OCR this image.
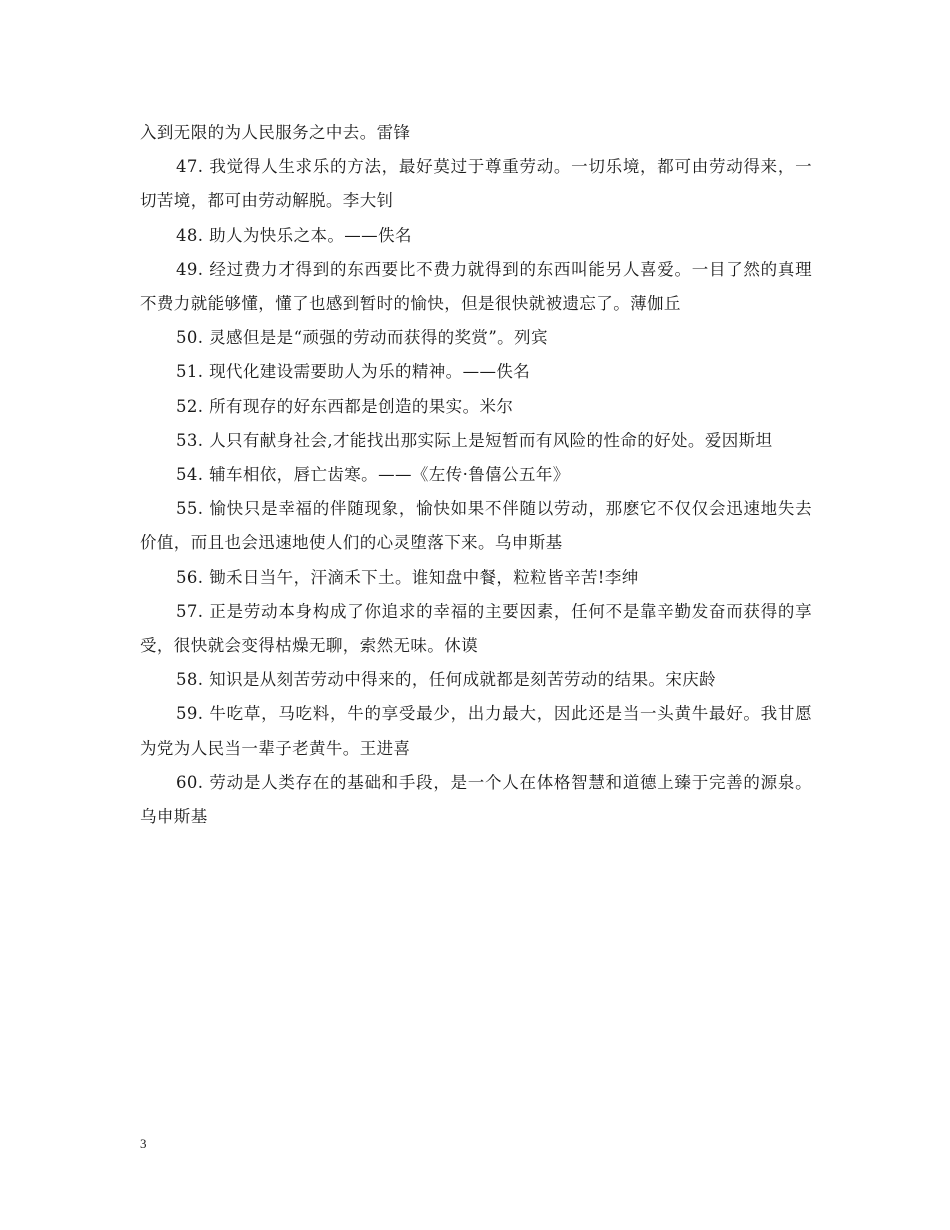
入到无限的为人民服务之中去。雷锋

47. 我觉得人生求乐的方法，最好莫过于尊重劳动。一切乐境，都可由劳动得来，一切苦境，都可由劳动解脱。李大钊

48. 助人为快乐之本。——佚名

49. 经过费力才得到的东西要比不费力就得到的东西叫能另人喜爱。一目了然的真理不费力就能够懂，懂了也感到暂时的愉快，但是很快就被遗忘了。薄伽丘

50. 灵感但是是“顽强的劳动而获得的奖赏”。列宾

51. 现代化建设需要助人为乐的精神。——佚名

52. 所有现存的好东西都是创造的果实。米尔

53. 人只有献身社会,才能找出那实际上是短暂而有风险的性命的好处。爱因斯坦

54. 辅车相依，唇亡齿寒。——《左传·鲁僖公五年》

55. 愉快只是幸福的伴随现象，愉快如果不伴随以劳动，那麽它不仅仅会迅速地失去价值，而且也会迅速地使人们的心灵堕落下来。乌申斯基

56. 锄禾日当午，汗滴禾下土。谁知盘中餐，粒粒皆辛苦!李绅

57. 正是劳动本身构成了你追求的幸福的主要因素，任何不是靠辛勤发奋而获得的享受，很快就会变得枯燥无聊，索然无味。休谟

58. 知识是从刻苦劳动中得来的，任何成就都是刻苦劳动的结果。宋庆龄

59. 牛吃草，马吃料，牛的享受最少，出力最大，因此还是当一头黄牛最好。我甘愿为党为人民当一辈子老黄牛。王进喜

60. 劳动是人类存在的基础和手段，是一个人在体格智慧和道德上臻于完善的源泉。乌申斯基

3
